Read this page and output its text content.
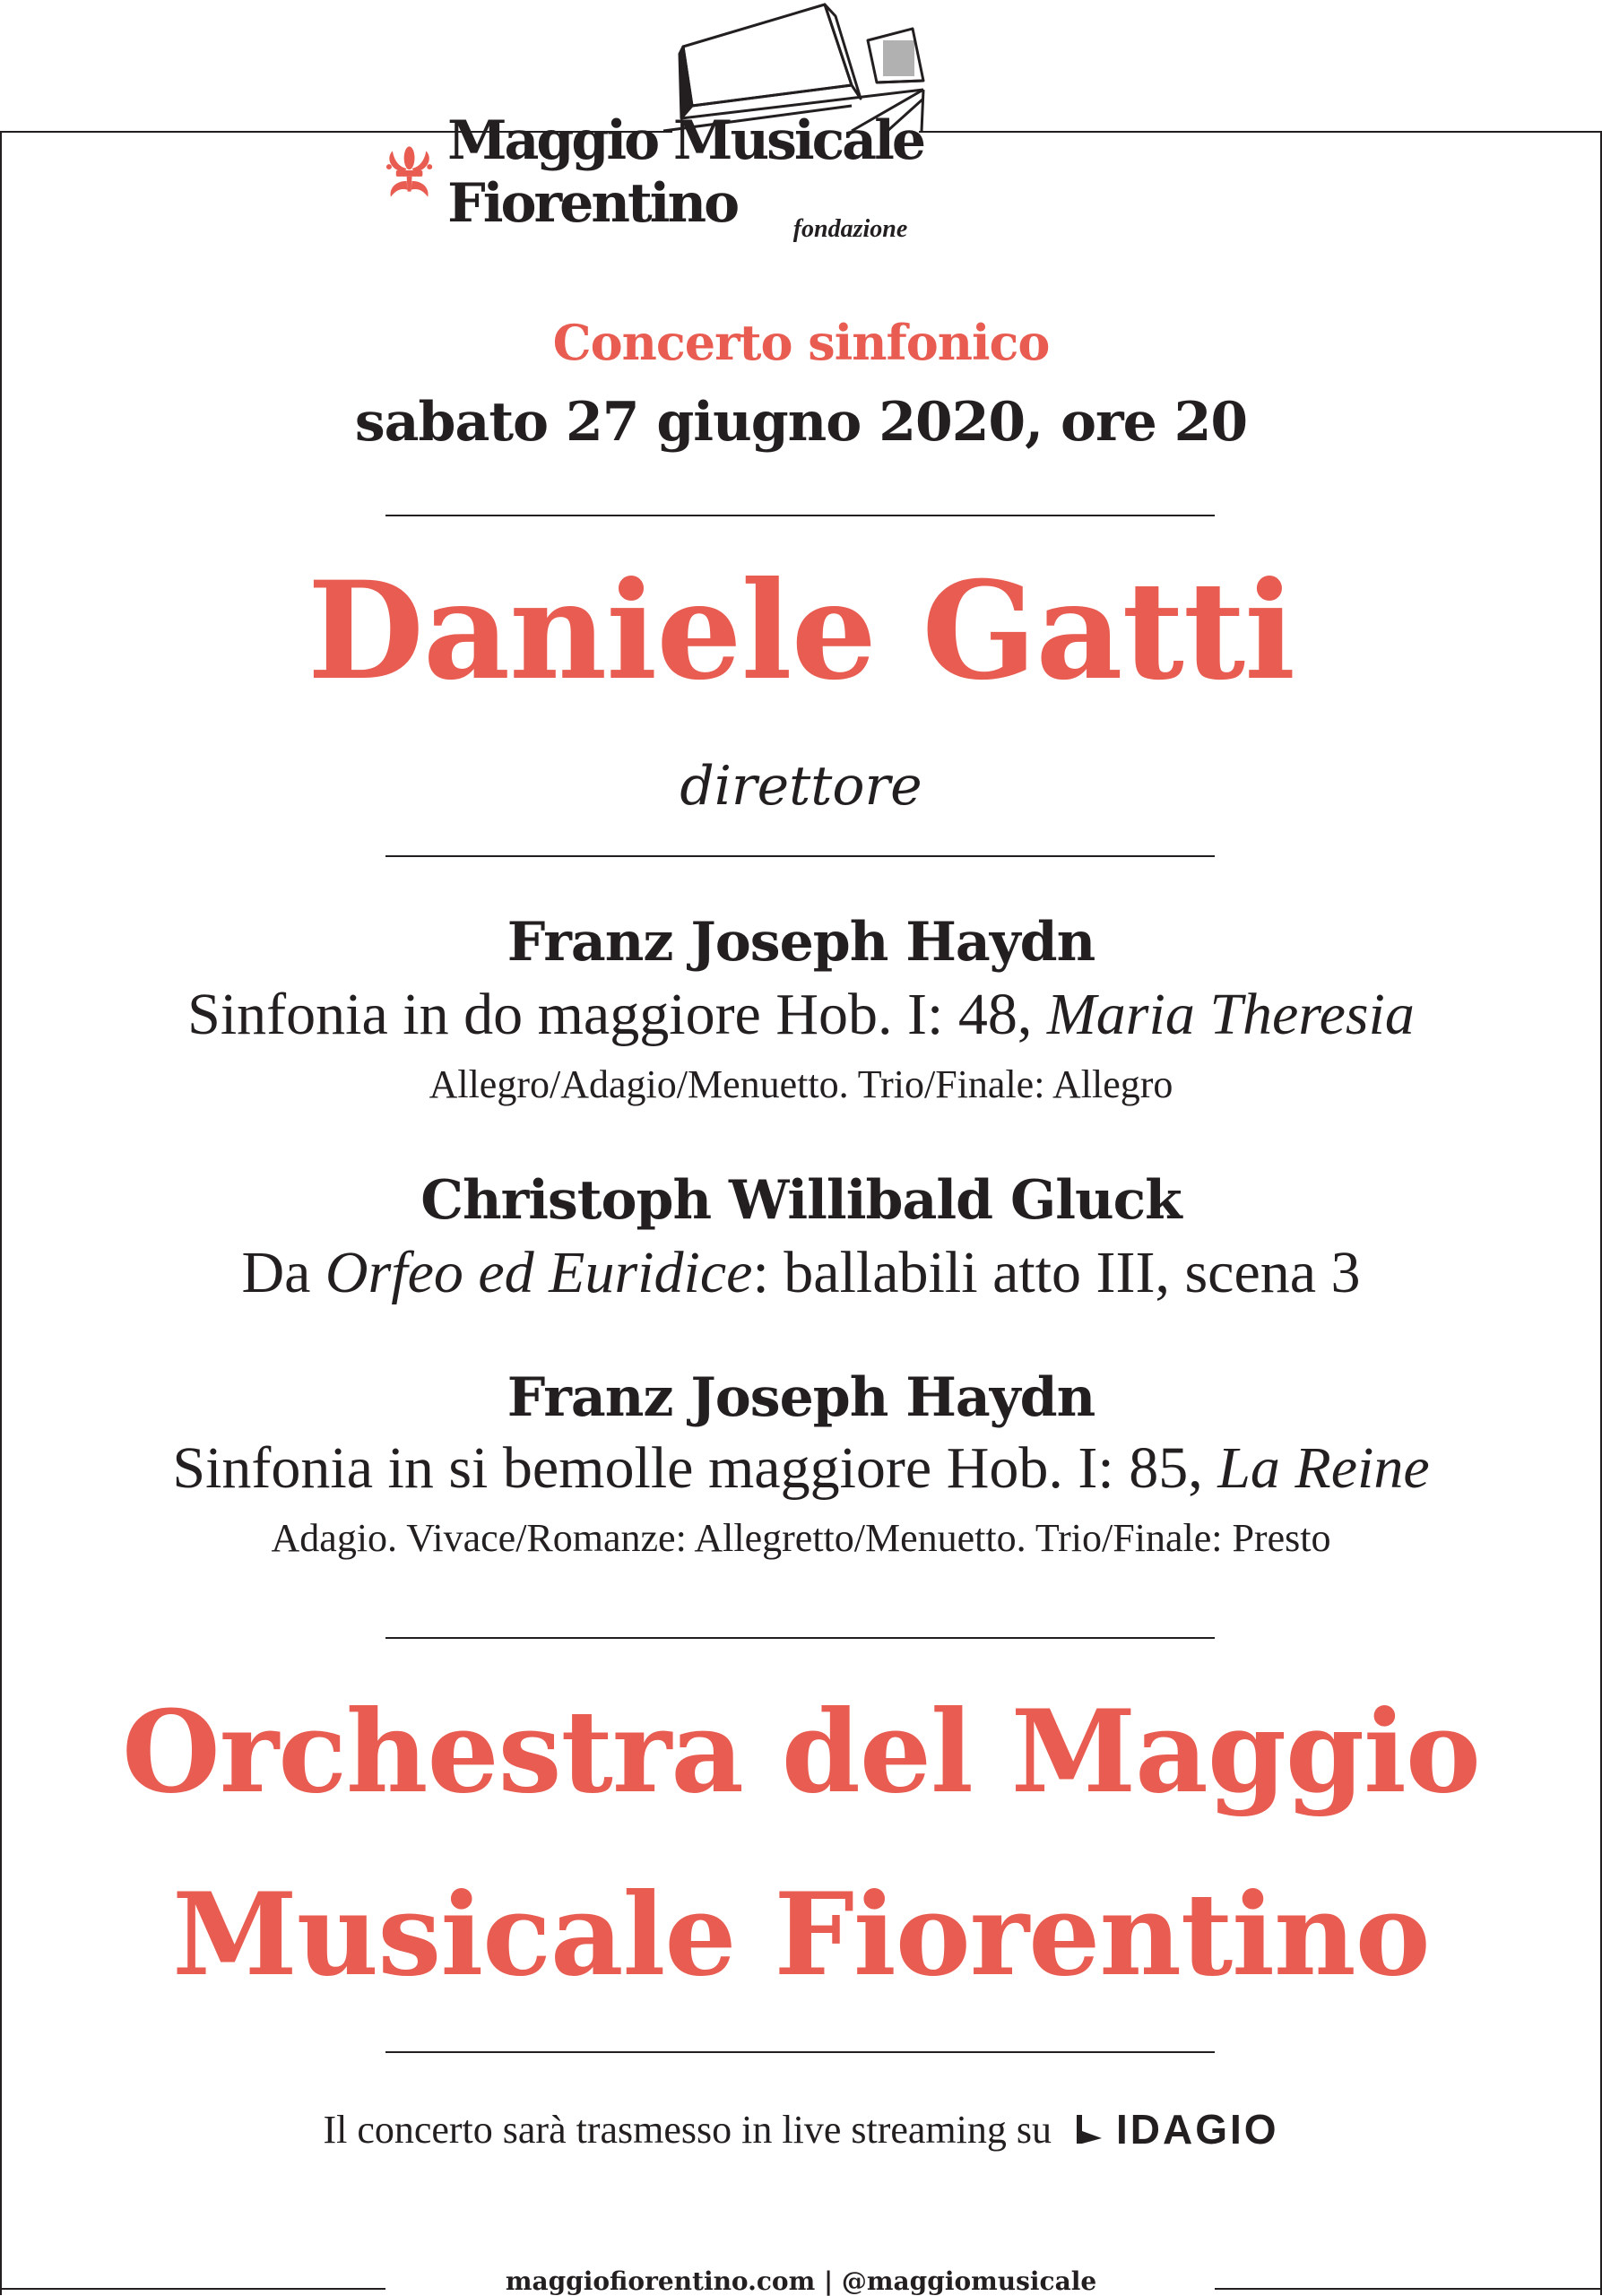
Maggio Musicale Fiorentino	fondazione
Concerto sinfonico
sabato 27 giugno 2020, ore 20
Daniele Gatti
direttore
Franz Joseph Haydn
Sinfonia in do maggiore Hob. I: 48, Maria Theresia
Allegro/Adagio/Menuetto. Trio/Finale: Allegro
Christoph Willibald Gluck
Da Orfeo ed Euridice: ballabili atto III, scena 3
Franz Joseph Haydn
Sinfonia in si bemolle maggiore Hob. I: 85, La Reine
Adagio. Vivace/Romanze: Allegretto/Menuetto. Trio/Finale: Presto
Orchestra del Maggio
Musicale Fiorentino
Il concerto sarà trasmesso in live streaming su IDAGIO
maggiofiorentino.com | @maggiomusicale
